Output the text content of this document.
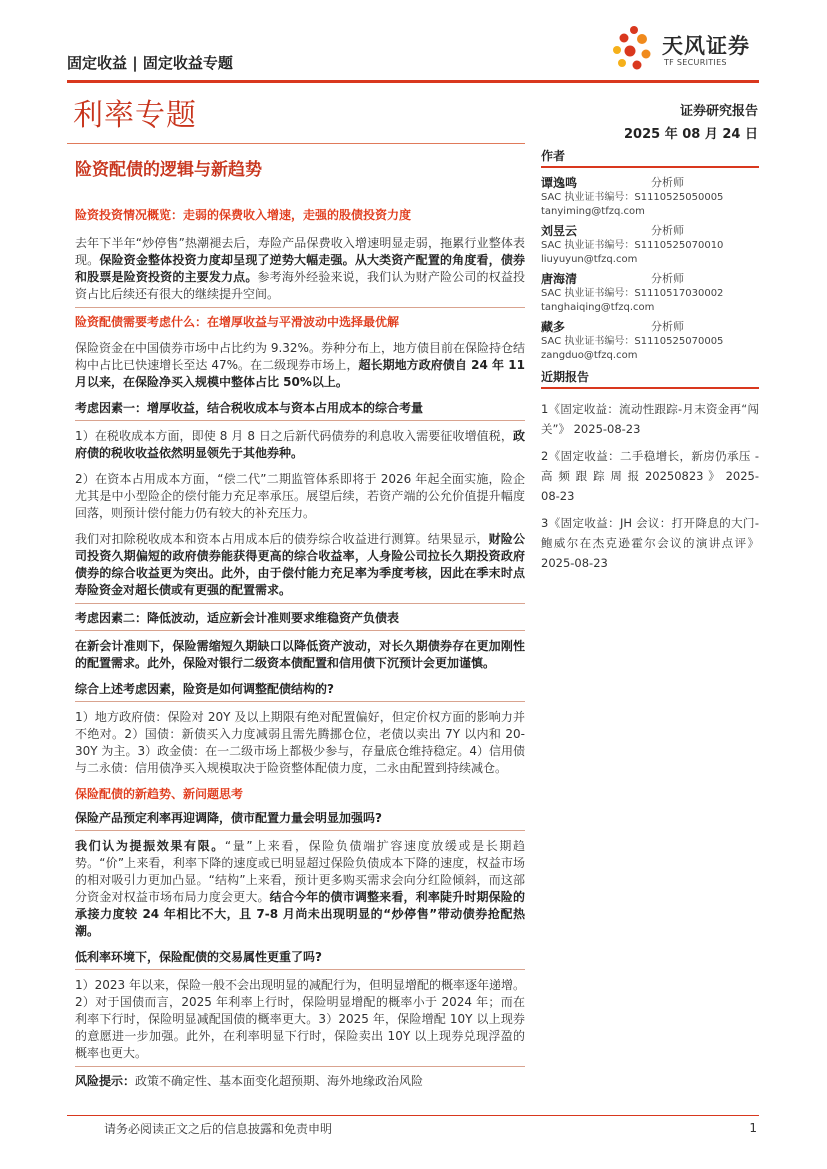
固定收益 | 固定收益专题
天风证券
TF SECURITIES
利率专题	证券研究报告
2025 年 08 月 24 日
险资配债的逻辑与新趋势
险资投资情况概览：走弱的保费收入增速，走强的股债投资力度
去年下半年“炒停售”热潮褪去后，寿险产品保费收入增速明显走弱，拖累行业整体表现。保险资金整体投资力度却呈现了逆势大幅走强。从大类资产配置的角度看，债券和股票是险资投资的主要发力点。参考海外经验来说，我们认为财产险公司的权益投资占比后续还有很大的继续提升空间。
险资配债需要考虑什么：在增厚收益与平滑波动中选择最优解
保险资金在中国债券市场中占比约为 9.32%。券种分布上，地方债目前在保险持仓结构中占比已快速增长至达 47%。在二级现券市场上，超长期地方政府债自 24 年 11 月以来，在保险净买入规模中整体占比 50%以上。
考虑因素一：增厚收益，结合税收成本与资本占用成本的综合考量
1）在税收成本方面，即使 8 月 8 日之后新代码债券的利息收入需要征收增值税，政府债的税收收益依然明显领先于其他券种。
2）在资本占用成本方面，“偿二代”二期监管体系即将于 2026 年起全面实施，险企尤其是中小型险企的偿付能力充足率承压。展望后续，若资产端的公允价值提升幅度回落，则预计偿付能力仍有较大的补充压力。
我们对扣除税收成本和资本占用成本后的债券综合收益进行测算。结果显示，财险公司投资久期偏短的政府债券能获得更高的综合收益率，人身险公司拉长久期投资政府债券的综合收益更为突出。此外，由于偿付能力充足率为季度考核，因此在季末时点寿险资金对超长债或有更强的配置需求。
考虑因素二：降低波动，适应新会计准则要求维稳资产负债表
在新会计准则下，保险需缩短久期缺口以降低资产波动，对长久期债券存在更加刚性的配置需求。此外，保险对银行二级资本债配置和信用债下沉预计会更加谨慎。
综合上述考虑因素，险资是如何调整配债结构的?
1）地方政府债：保险对 20Y 及以上期限有绝对配置偏好，但定价权方面的影响力并不绝对。2）国债：新债买入力度减弱且需先腾挪仓位，老债以卖出 7Y 以内和 20-30Y 为主。3）政金债：在一二级市场上都极少参与，存量底仓维持稳定。4）信用债与二永债：信用债净买入规模取决于险资整体配债力度，二永由配置到持续减仓。
保险配债的新趋势、新问题思考
保险产品预定利率再迎调降，债市配置力量会明显加强吗?
我们认为提振效果有限。“量”上来看，保险负债端扩容速度放缓或是长期趋势。“价”上来看，利率下降的速度或已明显超过保险负债成本下降的速度，权益市场的相对吸引力更加凸显。“结构”上来看，预计更多购买需求会向分红险倾斜，而这部分资金对权益市场布局力度会更大。结合今年的债市调整来看，利率陡升时期保险的承接力度较 24 年相比不大，且 7-8 月尚未出现明显的“炒停售”带动债券抢配热潮。
低利率环境下，保险配债的交易属性更重了吗?
1）2023 年以来，保险一般不会出现明显的减配行为，但明显增配的概率逐年递增。2）对于国债而言，2025 年利率上行时，保险明显增配的概率小于 2024 年；而在利率下行时，保险明显减配国债的概率更大。3）2025 年，保险增配 10Y 以上现券的意愿进一步加强。此外，在利率明显下行时，保险卖出 10Y 以上现券兑现浮盈的概率也更大。
风险提示：政策不确定性、基本面变化超预期、海外地缘政治风险
作者
谭逸鸣	分析师
SAC 执业证书编号：S1110525050005
tanyiming@tfzq.com
刘昱云	分析师
SAC 执业证书编号：S1110525070010
liuyuyun@tfzq.com
唐海清	分析师
SAC 执业证书编号：S1110517030002
tanghaiqing@tfzq.com
藏多	分析师
SAC 执业证书编号：S1110525070005
zangduo@tfzq.com
近期报告
1《固定收益：流动性跟踪-月末资金再“闯关”》 2025-08-23
2《固定收益：二手稳增长，新房仍承压 - 高 频 跟 踪 周 报 20250823 》 2025-08-23
3《固定收益：JH 会议：打开降息的大门-鲍威尔在杰克逊霍尔会议的演讲点评》 2025-08-23
请务必阅读正文之后的信息披露和免责申明	1
